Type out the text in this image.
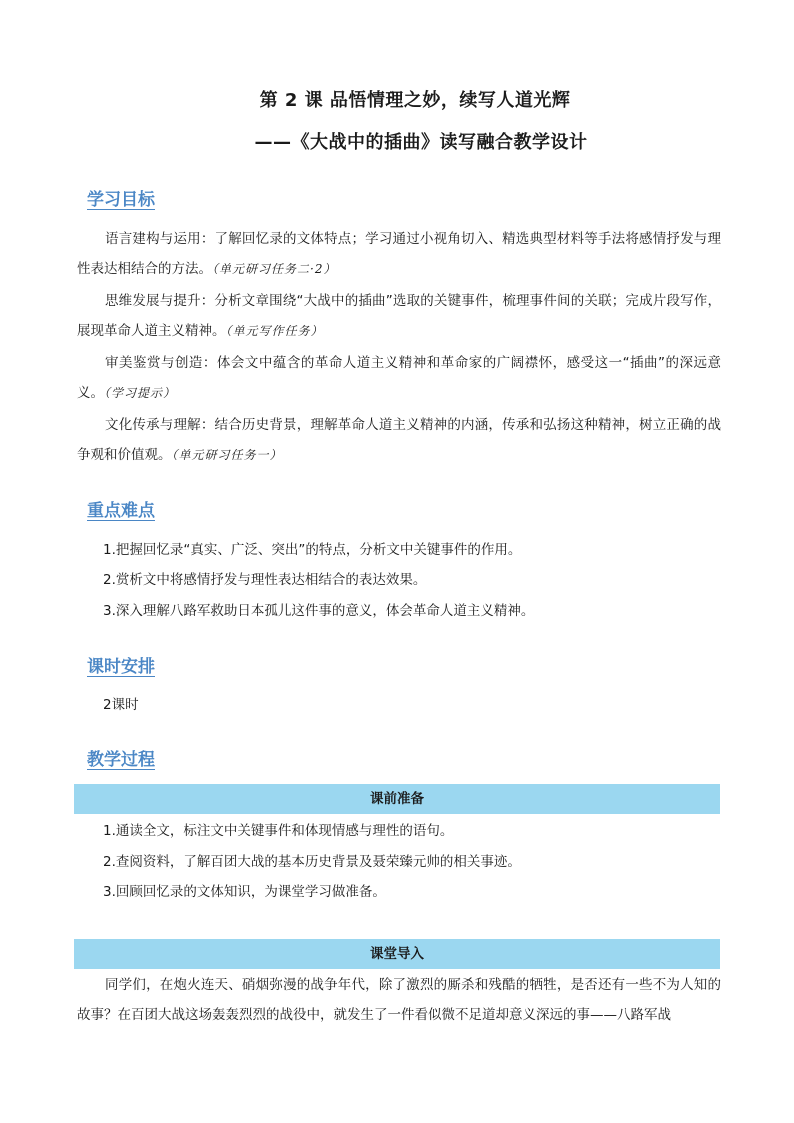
第 2 课 品悟情理之妙，续写人道光辉
——《大战中的插曲》读写融合教学设计
学习目标
语言建构与运用：了解回忆录的文体特点；学习通过小视角切入、精选典型材料等手法将感情抒发与理性表达相结合的方法。（单元研习任务二·2）
思维发展与提升：分析文章围绕“大战中的插曲”选取的关键事件，梳理事件间的关联；完成片段写作，展现革命人道主义精神。（单元写作任务）
审美鉴赏与创造：体会文中蕴含的革命人道主义精神和革命家的广阔襟怀，感受这一“插曲”的深远意义。（学习提示）
文化传承与理解：结合历史背景，理解革命人道主义精神的内涵，传承和弘扬这种精神，树立正确的战争观和价值观。（单元研习任务一）
重点难点
1.把握回忆录“真实、广泛、突出”的特点，分析文中关键事件的作用。
2.赏析文中将感情抒发与理性表达相结合的表达效果。
3.深入理解八路军救助日本孤儿这件事的意义，体会革命人道主义精神。
课时安排
2课时
教学过程
课前准备
1.通读全文，标注文中关键事件和体现情感与理性的语句。
2.查阅资料，了解百团大战的基本历史背景及聂荣臻元帅的相关事迹。
3.回顾回忆录的文体知识，为课堂学习做准备。
课堂导入
同学们，在炮火连天、硝烟弥漫的战争年代，除了激烈的厮杀和残酷的牺牲，是否还有一些不为人知的故事？在百团大战这场轰轰烈烈的战役中，就发生了一件看似微不足道却意义深远的事——八路军战
